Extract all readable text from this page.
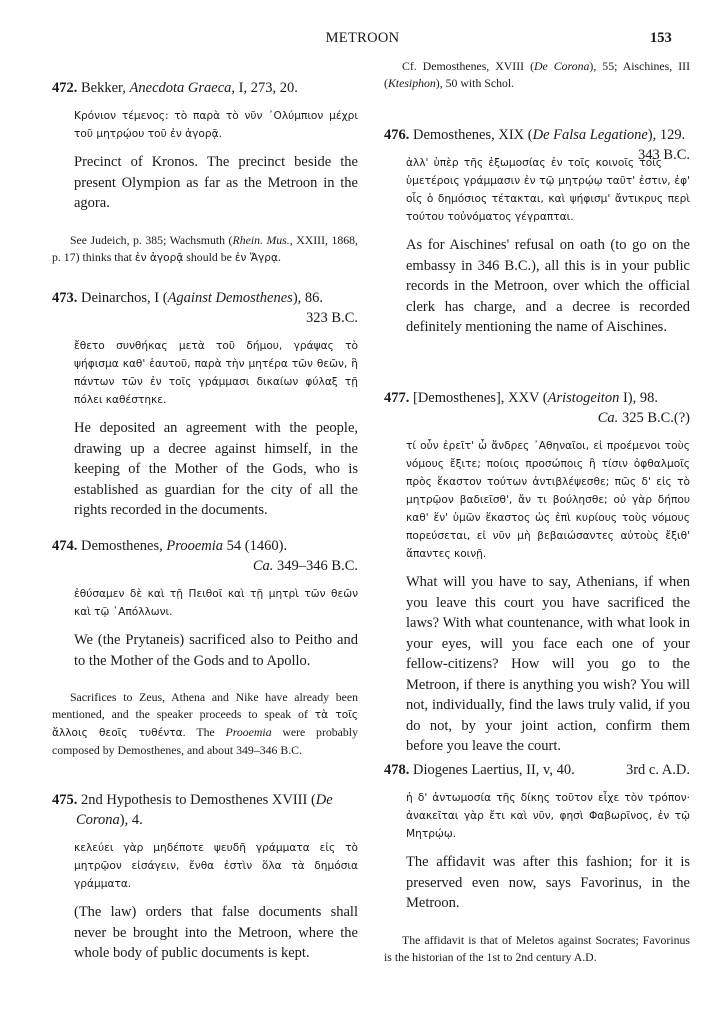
METROON	153
472. Bekker, Anecdota Graeca, I, 273, 20.
Κρόνιον τέμενος: τὸ παρὰ τὸ νῦν ᾿Ολύμπιον μέχρι τοῦ μητρῴου τοῦ ἐν ἀγορᾷ.
Precinct of Kronos. The precinct beside the present Olympion as far as the Metroon in the agora.
See Judeich, p. 385; Wachsmuth (Rhein. Mus., XXIII, 1868, p. 17) thinks that ἐν ἀγορᾷ should be ἐν Ἄγρᾳ.
473. Deinarchos, I (Against Demosthenes), 86.
323 B.C.
ἔθετο συνθήκας μετὰ τοῦ δήμου, γράψας τὸ ψήφισμα καθ' ἑαυτοῦ, παρὰ τὴν μητέρα τῶν θεῶν, ἣ πάντων τῶν ἐν τοῖς γράμμασι δικαίων φύλαξ τῇ πόλει καθέστηκε.
He deposited an agreement with the people, drawing up a decree against himself, in the keeping of the Mother of the Gods, who is established as guardian for the city of all the rights recorded in the documents.
474. Demosthenes, Prooemia 54 (1460).
Ca. 349–346 B.C.
ἐθύσαμεν δὲ καὶ τῇ Πειθοῖ καὶ τῇ μητρὶ τῶν θεῶν καὶ τῷ ᾿Απόλλωνι.
We (the Prytaneis) sacrificed also to Peitho and to the Mother of the Gods and to Apollo.
Sacrifices to Zeus, Athena and Nike have already been mentioned, and the speaker proceeds to speak of τὰ τοῖς ἄλλοις θεοῖς τυθέντα. The Prooemia were probably composed by Demosthenes, and about 349–346 B.C.
475. 2nd Hypothesis to Demosthenes XVIII (De Corona), 4.
κελεύει γὰρ μηδέποτε ψευδῆ γράμματα εἰς τὸ μητρῷον εἰσάγειν, ἔνθα ἐστὶν ὅλα τὰ δημόσια γράμματα.
(The law) orders that false documents shall never be brought into the Metroon, where the whole body of public documents is kept.
Cf. Demosthenes, XVIII (De Corona), 55; Aischines, III (Ktesiphon), 50 with Schol.
476. Demosthenes, XIX (De Falsa Legatione), 129.
343 B.C.
ἀλλ' ὑπὲρ τῆς ἐξωμοσίας ἐν τοῖς κοινοῖς τοῖς ὑμετέροις γράμμασιν ἐν τῷ μητρῴῳ ταῦτ' ἐστιν, ἐφ' οἷς ὁ δημόσιος τέτακται, καὶ ψήφισμ' ἄντικρυς περὶ τούτου τοὐνόματος γέγραπται.
As for Aischines' refusal on oath (to go on the embassy in 346 B.C.), all this is in your public records in the Metroon, over which the official clerk has charge, and a decree is recorded definitely mentioning the name of Aischines.
477. [Demosthenes], XXV (Aristogeiton I), 98.
Ca. 325 B.C.(?)
τί οὖν ἐρεῖτ' ὦ ἄνδρες ᾿Αθηναῖοι, εἰ προέμενοι τοὺς νόμους ἔξιτε; ποίοις προσώποις ἢ τίσιν ὀφθαλμοῖς πρὸς ἕκαστον τούτων ἀντιβλέψεσθε; πῶς δ' εἰς τὸ μητρῷον βαδιεῖσθ', ἄν τι βούλησθε; οὐ γὰρ δήπου καθ' ἕν' ὑμῶν ἕκαστος ὡς ἐπὶ κυρίους τοὺς νόμους πορεύσεται, εἰ νῦν μὴ βεβαιώσαντες αὐτοὺς ἔξιθ' ἅπαντες κοινῇ.
What will you have to say, Athenians, if when you leave this court you have sacrificed the laws? With what countenance, with what look in your eyes, will you face each one of your fellow-citizens? How will you go to the Metroon, if there is anything you wish? You will not, individually, find the laws truly valid, if you do not, by your joint action, confirm them before you leave the court.
478. Diogenes Laertius, II, v, 40.	3rd c. A.D.
ἡ δ' ἀντωμοσία τῆς δίκης τοῦτον εἶχε τὸν τρόπον· ἀνακεῖται γὰρ ἔτι καὶ νῦν, φησὶ Φαβωρῖνος, ἐν τῷ Μητρῴῳ.
The affidavit was after this fashion; for it is preserved even now, says Favorinus, in the Metroon.
The affidavit is that of Meletos against Socrates; Favorinus is the historian of the 1st to 2nd century A.D.
